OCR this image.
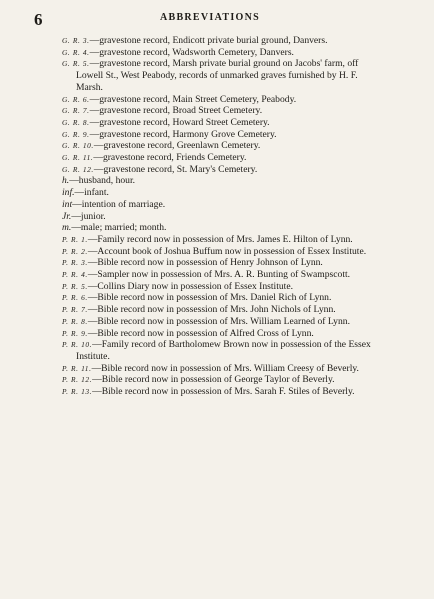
6	ABBREVIATIONS

G. R. 3.—gravestone record, Endicott private burial ground, Danvers.

G. R. 4.—gravestone record, Wadsworth Cemetery, Danvers.

G. R. 5.—gravestone record, Marsh private burial ground on Jacobs' farm, off Lowell St., West Peabody, records of unmarked graves furnished by H. F. Marsh.

G. R. 6.—gravestone record, Main Street Cemetery, Peabody.

G. R. 7.—gravestone record, Broad Street Cemetery.

G. R. 8.—gravestone record, Howard Street Cemetery.

G. R. 9.—gravestone record, Harmony Grove Cemetery.

G. R. 10.—gravestone record, Greenlawn Cemetery.

G. R. 11.—gravestone record, Friends Cemetery.

G. R. 12.—gravestone record, St. Mary's Cemetery.

h.—husband, hour.

inf.—infant.

int—intention of marriage.

Jr.—junior.

m.—male; married; month.

P. R. 1.—Family record now in possession of Mrs. James E. Hilton of Lynn.

P. R. 2.—Account book of Joshua Buffum now in possession of Essex Institute.

P. R. 3.—Bible record now in possession of Henry Johnson of Lynn.

P. R. 4.—Sampler now in possession of Mrs. A. R. Bunting of Swampscott.

P. R. 5.—Collins Diary now in possession of Essex Institute.

P. R. 6.—Bible record now in possession of Mrs. Daniel Rich of Lynn.

P. R. 7.—Bible record now in possession of Mrs. John Nichols of Lynn.

P. R. 8.—Bible record now in possession of Mrs. William Learned of Lynn.

P. R. 9.—Bible record now in possession of Alfred Cross of Lynn.

P. R. 10.—Family record of Bartholomew Brown now in possession of the Essex Institute.

P. R. 11.—Bible record now in possession of Mrs. William Creesy of Beverly.

P. R. 12.—Bible record now in possession of George Taylor of Beverly.

P. R. 13.—Bible record now in possession of Mrs. Sarah F. Stiles of Beverly.
